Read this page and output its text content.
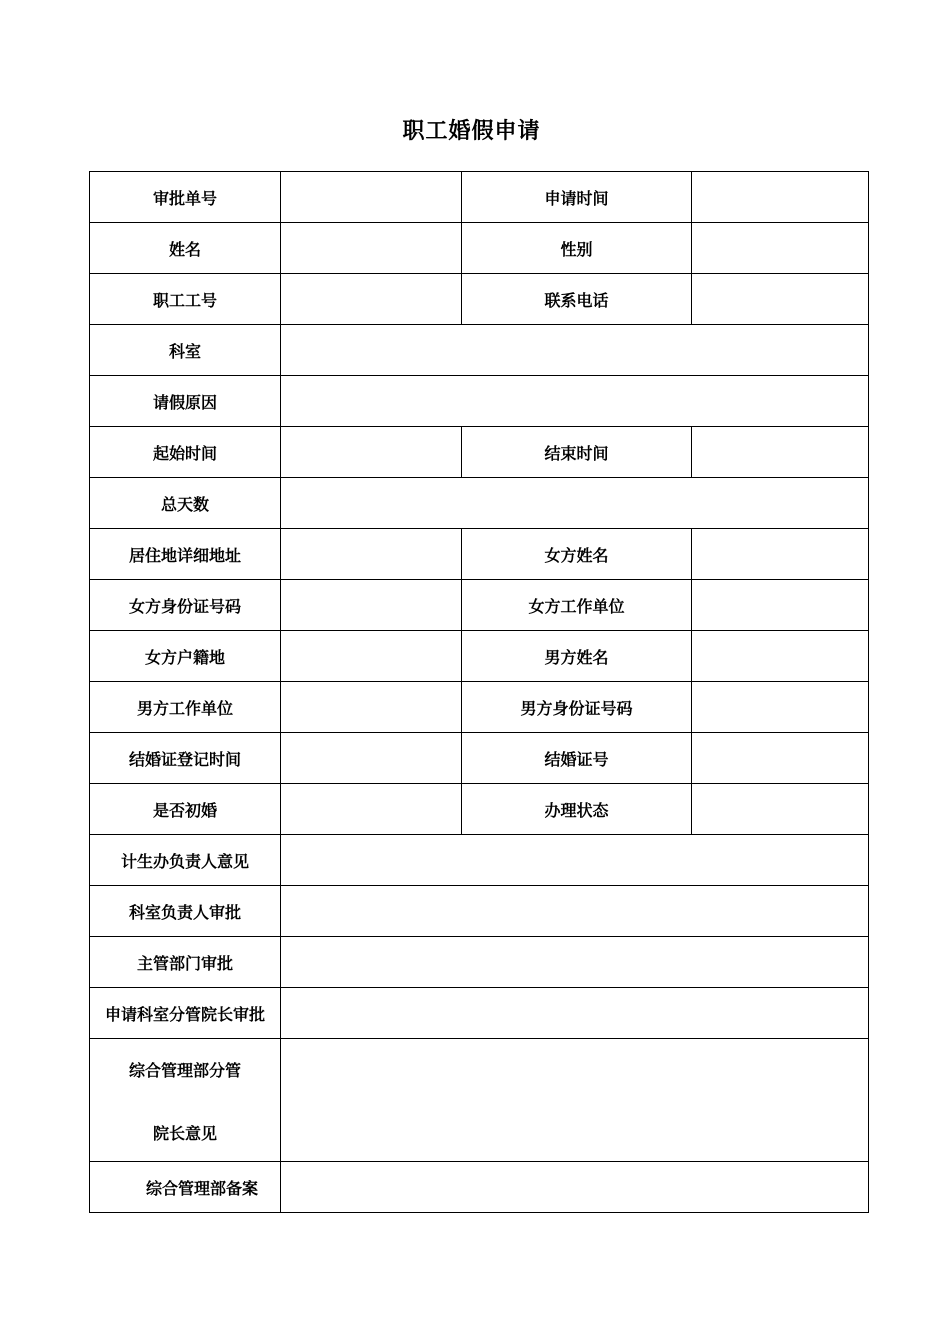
职工婚假申请
审批单号		申请时间	
姓名		性别	
职工工号		联系电话	
科室			
请假原因			
起始时间		结束时间	
总天数			
居住地详细地址		女方姓名	
女方身份证号码		女方工作单位	
女方户籍地		男方姓名	
男方工作单位		男方身份证号码	
结婚证登记时间		结婚证号	
是否初婚		办理状态	
计生办负责人意见			
科室负责人审批			
主管部门审批			
申请科室分管院长审批			

综合管理部分管
院长意见			

综合管理部备案			
